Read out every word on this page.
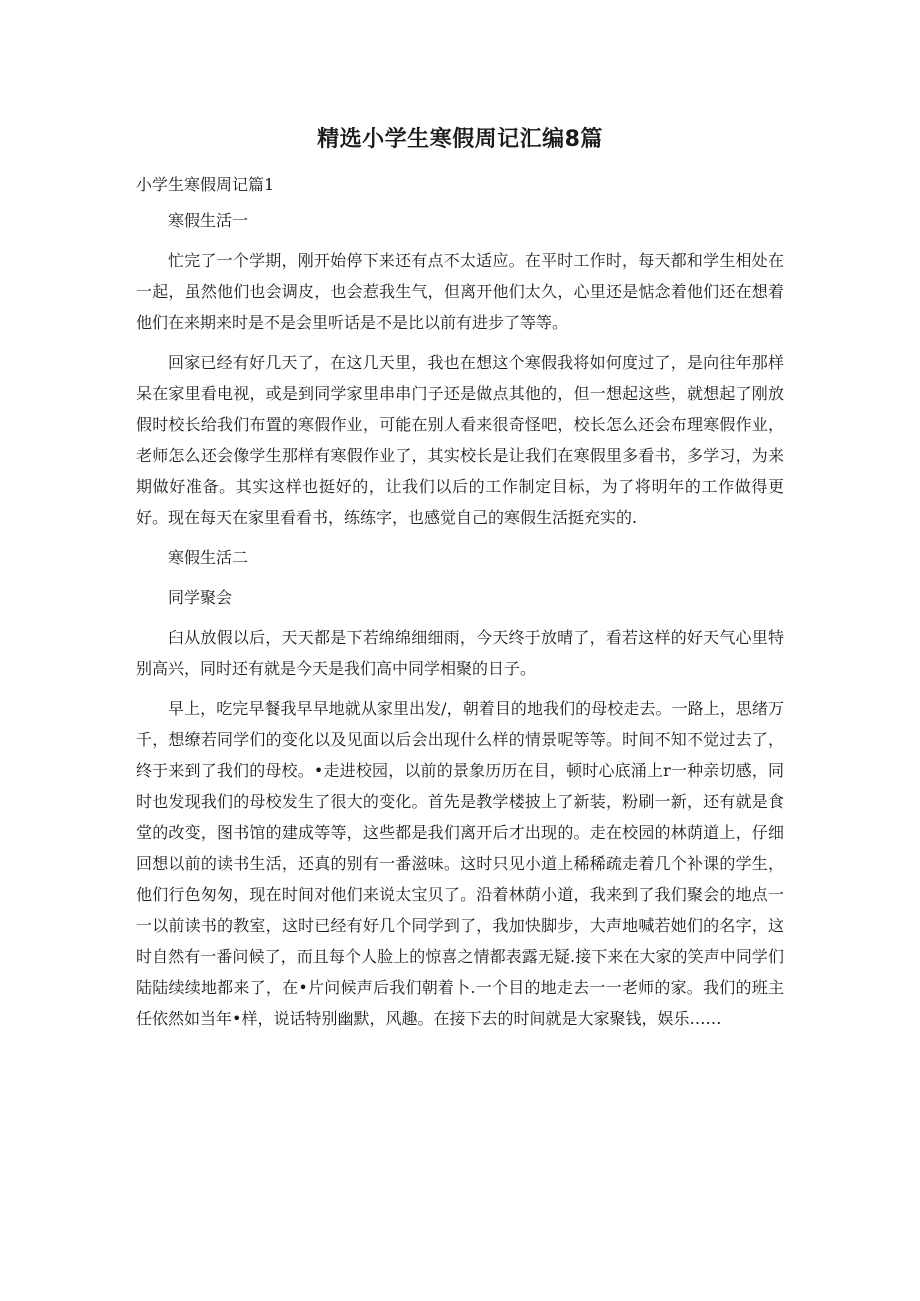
精选小学生寒假周记汇编8篇
小学生寒假周记篇1

寒假生活一

忙完了一个学期，刚开始停下来还有点不太适应。在平时工作时，每天都和学生相处在一起，虽然他们也会调皮，也会惹我生气，但离开他们太久，心里还是惦念着他们还在想着他们在来期来时是不是会里听话是不是比以前有进步了等等。

回家已经有好几天了，在这几天里，我也在想这个寒假我将如何度过了，是向往年那样呆在家里看电视，或是到同学家里串串门子还是做点其他的，但一想起这些，就想起了刚放假时校长给我们布置的寒假作业，可能在别人看来很奇怪吧，校长怎么还会布理寒假作业，老师怎么还会像学生那样有寒假作业了，其实校长是让我们在寒假里多看书，多学习，为来期做好准备。其实这样也挺好的，让我们以后的工作制定目标，为了将明年的工作做得更好。现在每天在家里看看书，练练字，也感觉自己的寒假生活挺充实的.

寒假生活二

同学聚会

臼从放假以后，天天都是下若绵绵细细雨，今天终于放晴了，看若这样的好天气心里特别高兴，同时还有就是今天是我们高中同学相聚的日子。

早上，吃完早餐我早早地就从家里出发/，朝着目的地我们的母校走去。一路上，思绪万千，想缭若同学们的变化以及见面以后会出现什么样的情景呢等等。时间不知不觉过去了，终于来到了我们的母校。•走进校园，以前的景象历历在目，顿时心底涌上r一种亲切感，同时也发现我们的母校发生了很大的变化。首先是教学楼披上了新装，粉刷一新，还有就是食堂的改变，图书馆的建成等等，这些都是我们离开后才出现的。走在校园的林荫道上，仔细回想以前的读书生活，还真的别有一番滋味。这时只见小道上稀稀疏走着几个补课的学生，他们行色匆匆，现在时间对他们来说太宝贝了。沿着林荫小道，我来到了我们聚会的地点一一以前读书的教室，这时已经有好几个同学到了，我加快脚步，大声地喊若她们的名字，这时自然有一番问候了，而且每个人脸上的惊喜之情都表露无疑.接下来在大家的笑声中同学们陆陆续续地都来了，在•片问候声后我们朝着卜.一个目的地走去一一老师的家。我们的班主任依然如当年•样，说话特别幽默，风趣。在接下去的时间就是大家聚钱，娱乐……
